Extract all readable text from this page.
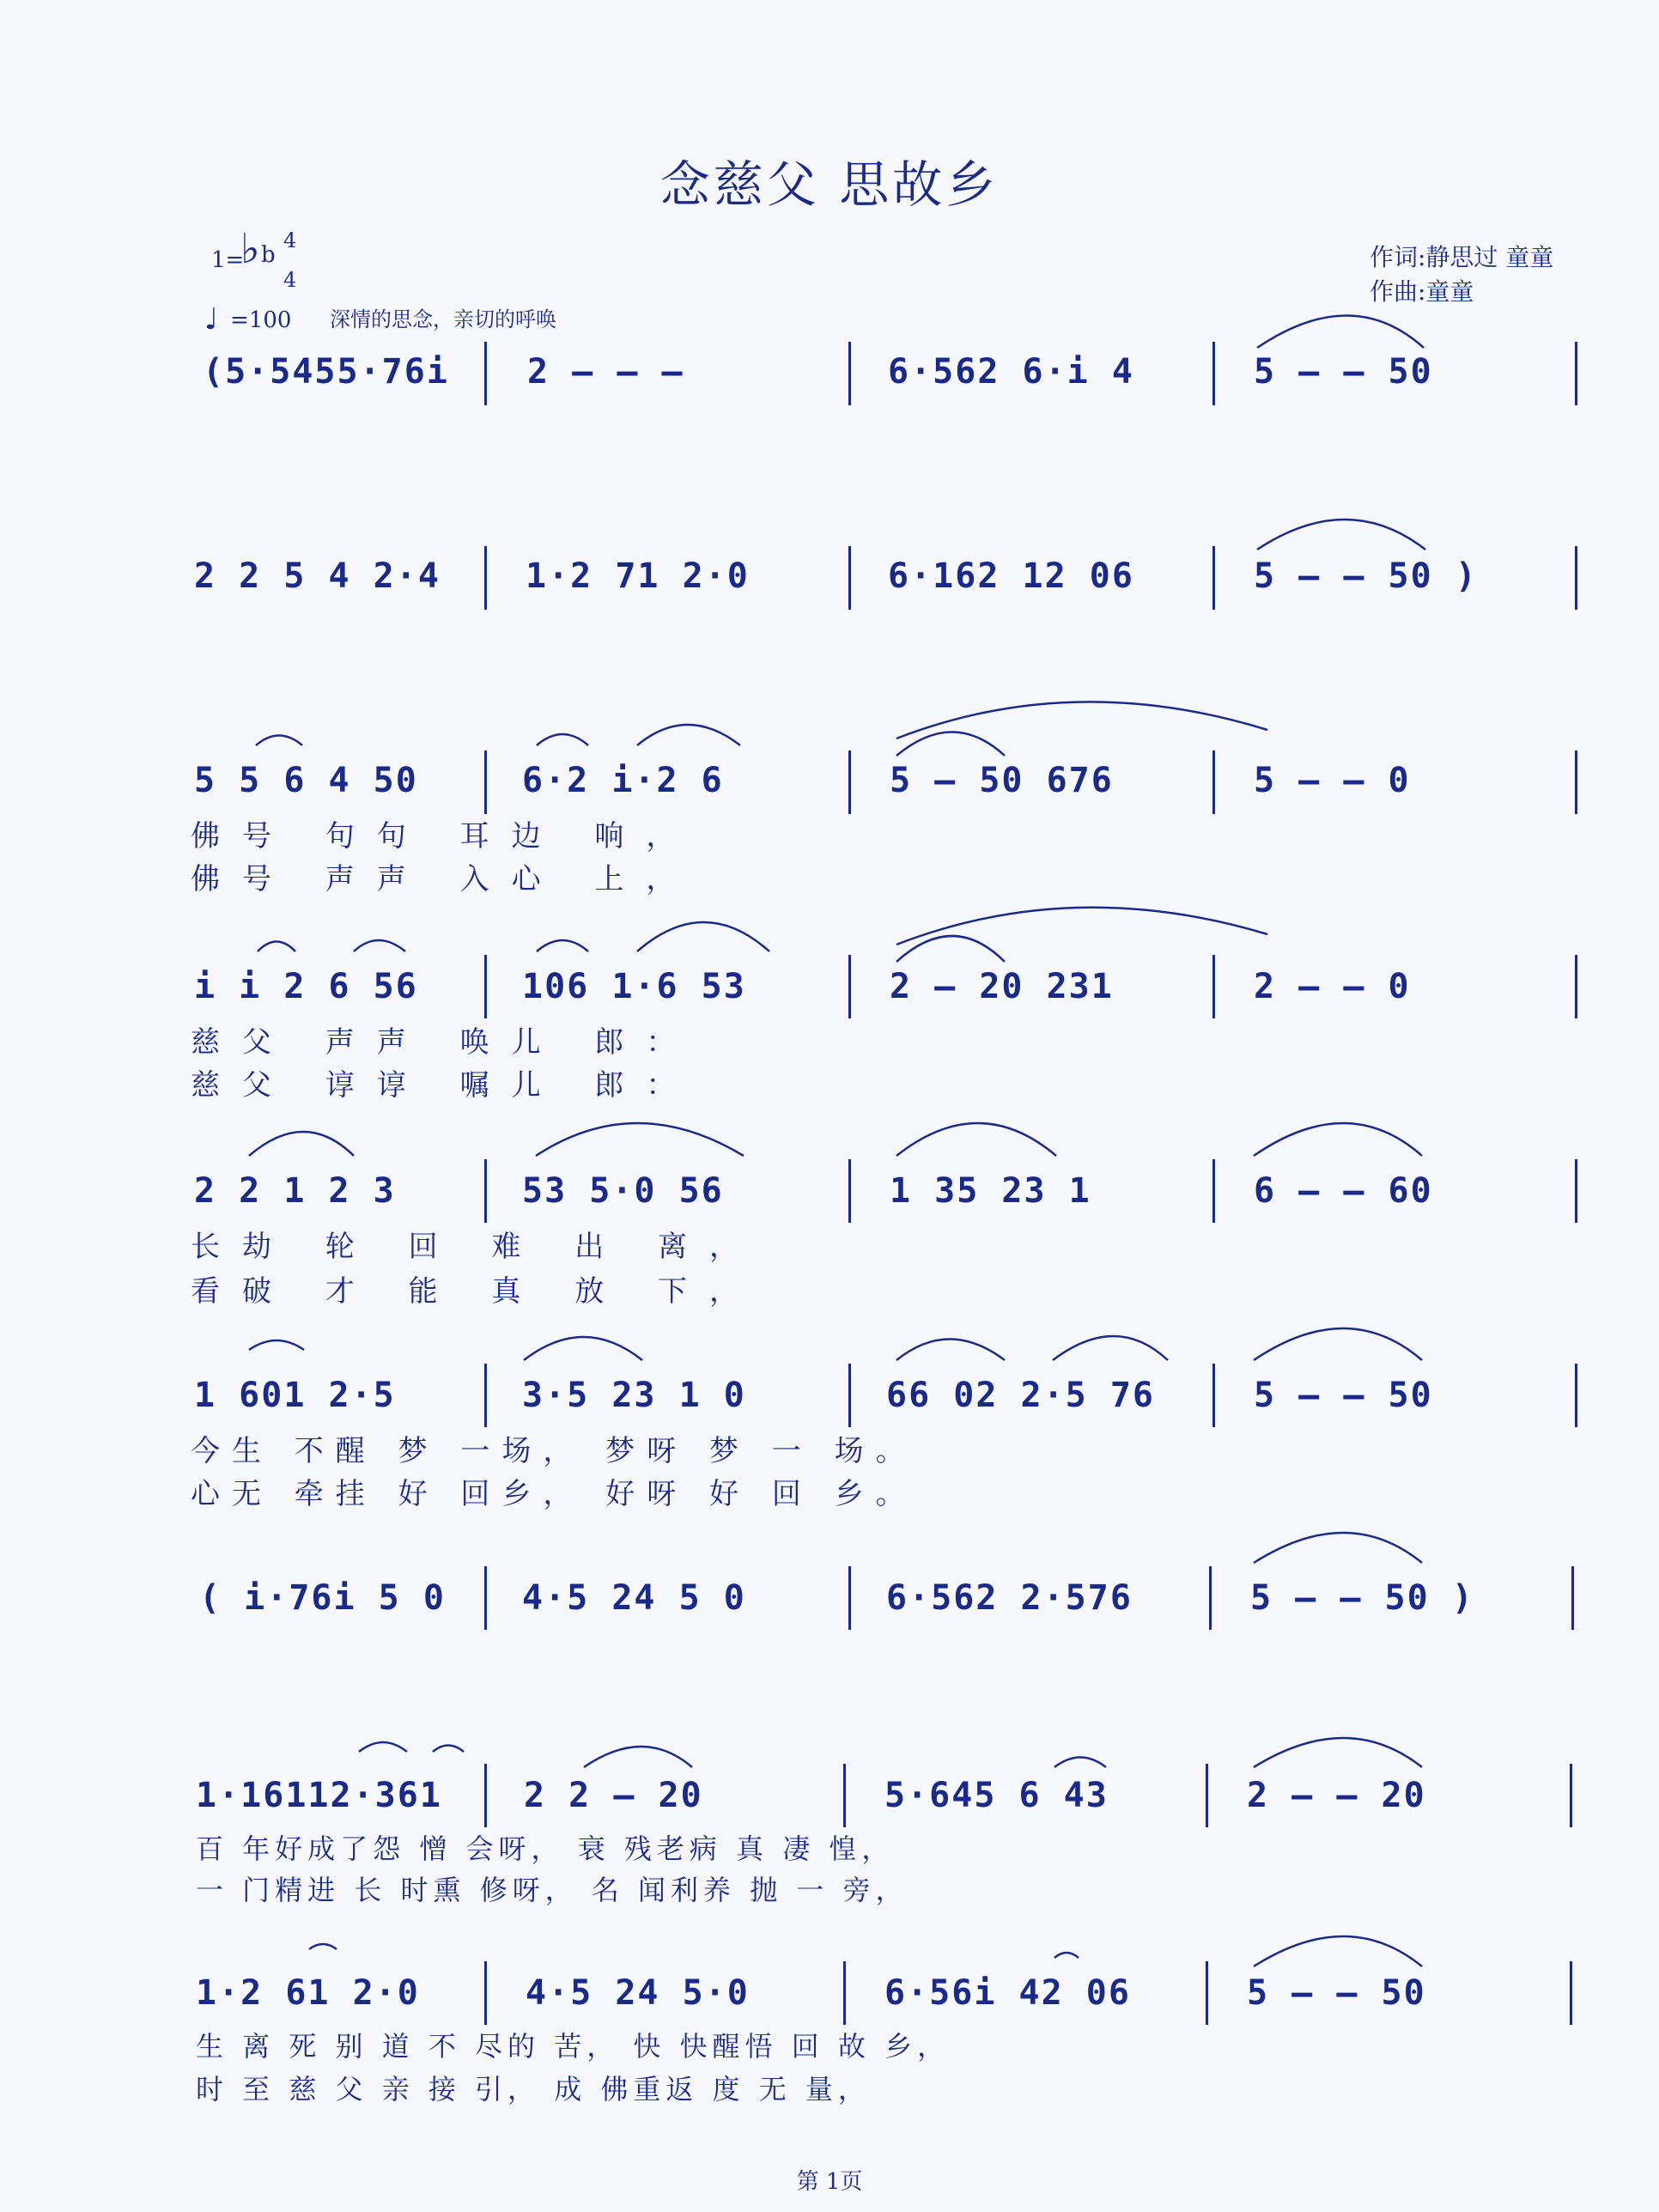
念慈父 思故乡
作词:静思过 童童
作曲:童童
1=
♭ b
4
4
♩ =100 深情的思念，亲切的呼唤
(5·5455·76i 2 – – –	6·562 6·i 4	5 – – 50
2 2 5 4 2·4 1·2 71 2·0	6·162 12 06	5 – – 50 )
5 5 6 4 50	6·2 i·2 6	5 – 50 676	5 – – 0
佛号 句句 耳边 响，
佛号 声声 入心 上，
i i 2 6 56	106 1·6 53	2 – 20 231	2 – – 0
慈父 声声 唤儿 郎：
慈父 谆谆 嘱儿 郎：
2 2 1 2 3	53 5·0 56	1 35 23 1	6 – – 60
长劫 轮 回 难 出 离，
看破 才 能 真 放 下，
1 601 2·5	3·5 23 1 0	66 02 2·5 76	5 – – 50
今生 不醒 梦 一场， 梦呀 梦 一 场。
心无 牵挂 好 回乡， 好呀 好 回 乡。
( i·76i 5 0 4·5 24 5 0	6·562 2·576	5 – – 50 )
1·16112·361 2 2 – 20	5·645 6 43	2 – – 20
百 年好成了怨 憎 会呀， 衰 残老病 真 凄 惶，
一 门精进 长 时熏 修呀， 名 闻利养 抛 一 旁，
1·2 61 2·0	4·5 24 5·0	6·56i 42 06	5 – – 50
生 离 死 别 道 不 尽的 苦， 快 快醒悟 回 故 乡，
时 至 慈 父 亲 接 引， 成 佛重返 度 无 量，
第 1页
